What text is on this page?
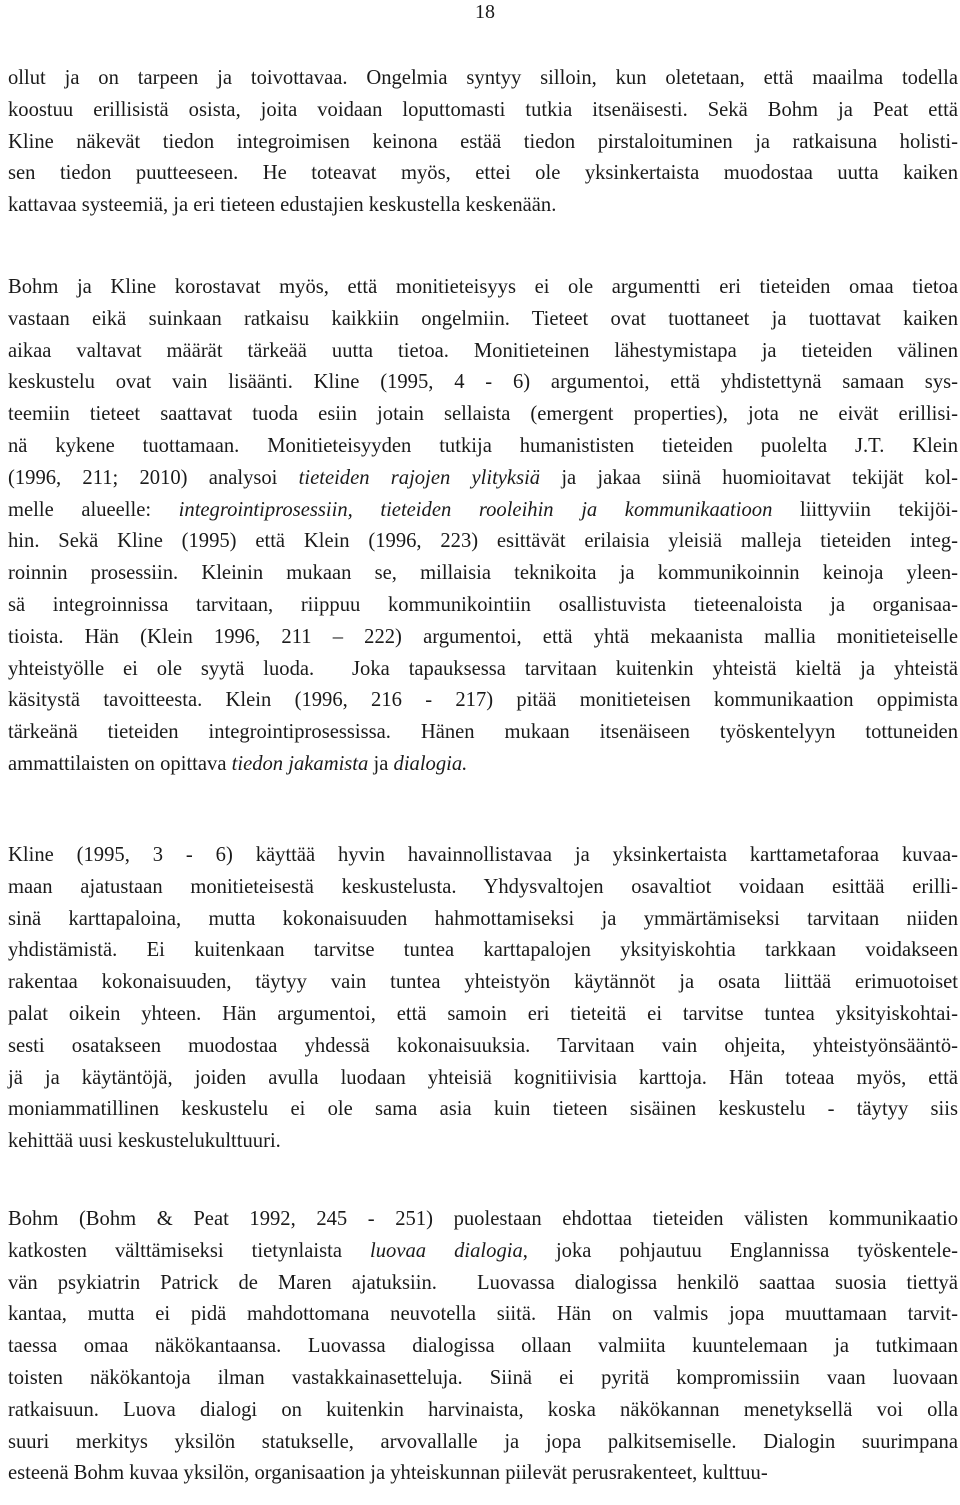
18
ollut ja on tarpeen ja toivottavaa. Ongelmia syntyy silloin, kun oletetaan, että maailma todella
koostuu erillisistä osista, joita voidaan loputtomasti tutkia itsenäisesti. Sekä Bohm ja Peat että
Kline näkevät tiedon integroimisen keinona estää tiedon pirstaloituminen ja ratkaisuna holisti-
sen tiedon puutteeseen. He toteavat myös, ettei ole yksinkertaista muodostaa uutta kaiken
kattavaa systeemiä, ja eri tieteen edustajien keskustella keskenään.
Bohm ja Kline korostavat myös, että monitieteisyys ei ole argumentti eri tieteiden omaa tietoa
vastaan eikä suinkaan ratkaisu kaikkiin ongelmiin. Tieteet ovat tuottaneet ja tuottavat kaiken
aikaa valtavat määrät tärkeää uutta tietoa. Monitieteinen lähestymistapa ja tieteiden välinen
keskustelu ovat vain lisäänti. Kline (1995, 4 - 6) argumentoi, että yhdistettynä samaan sys-
teemiin tieteet saattavat tuoda esiin jotain sellaista (emergent properties), jota ne eivät erillisi-
nä kykene tuottamaan. Monitieteisyyden tutkija humanististen tieteiden puolelta J.T. Klein
(1996, 211; 2010) analysoi tieteiden rajojen ylityksiä ja jakaa siinä huomioitavat tekijät kol-
melle alueelle: integrointiprosessiin, tieteiden rooleihin ja kommunikaatioon liittyviin tekijöi-
hin. Sekä Kline (1995) että Klein (1996, 223) esittävät erilaisia yleisiä malleja tieteiden integ-
roinnin prosessiin. Kleinin mukaan se, millaisia teknikoita ja kommunikoinnin keinoja yleen-
sä integroinnissa tarvitaan, riippuu kommunikointiin osallistuvista tieteenaloista ja organisaa-
tioista. Hän (Klein 1996, 211 – 222) argumentoi, että yhtä mekaanista mallia monitieteiselle
yhteistyölle ei ole syytä luoda.  Joka tapauksessa tarvitaan kuitenkin yhteistä kieltä ja yhteistä
käsitystä tavoitteesta. Klein (1996, 216 - 217) pitää monitieteisen kommunikaation oppimista
tärkeänä tieteiden integrointiprosessissa. Hänen mukaan itsenäiseen työskentelyyn tottuneiden
ammattilaisten on opittava tiedon jakamista ja dialogia.
Kline (1995, 3 - 6) käyttää hyvin havainnollistavaa ja yksinkertaista karttametaforaa kuvaa-
maan ajatustaan monitieteisestä keskustelusta. Yhdysvaltojen osavaltiot voidaan esittää erilli-
sinä karttapaloina, mutta kokonaisuuden hahmottamiseksi ja ymmärtämiseksi tarvitaan niiden
yhdistämistä. Ei kuitenkaan tarvitse tuntea karttapalojen yksityiskohtia tarkkaan voidakseen
rakentaa kokonaisuuden, täytyy vain tuntea yhteistyön käytännöt ja osata liittää erimuotoiset
palat oikein yhteen. Hän argumentoi, että samoin eri tieteitä ei tarvitse tuntea yksityiskohtai-
sesti osatakseen muodostaa yhdessä kokonaisuuksia. Tarvitaan vain ohjeita, yhteistyönsääntö-
jä ja käytäntöjä, joiden avulla luodaan yhteisiä kognitiivisia karttoja. Hän toteaa myös, että
moniammatillinen keskustelu ei ole sama asia kuin tieteen sisäinen keskustelu - täytyy siis
kehittää uusi keskustelukulttuuri.
Bohm (Bohm & Peat 1992, 245 - 251) puolestaan ehdottaa tieteiden välisten kommunikaatio
katkosten välttämiseksi tietynlaista luovaa dialogia, joka pohjautuu Englannissa työskentele-
vän psykiatrin Patrick de Maren ajatuksiin.  Luovassa dialogissa henkilö saattaa suosia tiettyä
kantaa, mutta ei pidä mahdottomana neuvotella siitä. Hän on valmis jopa muuttamaan tarvit-
taessa omaa näkökantaansa. Luovassa dialogissa ollaan valmiita kuuntelemaan ja tutkimaan
toisten näkökantoja ilman vastakkainasetteluja. Siinä ei pyritä kompromissiin vaan luovaan
ratkaisuun. Luova dialogi on kuitenkin harvinaista, koska näkökannan menetyksellä voi olla
suuri merkitys yksilön statukselle, arvovallalle ja jopa palkitsemiselle. Dialogin suurimpana
esteenä Bohm kuvaa yksilön, organisaation ja yhteiskunnan piilevät perusrakenteet, kulttuu-
